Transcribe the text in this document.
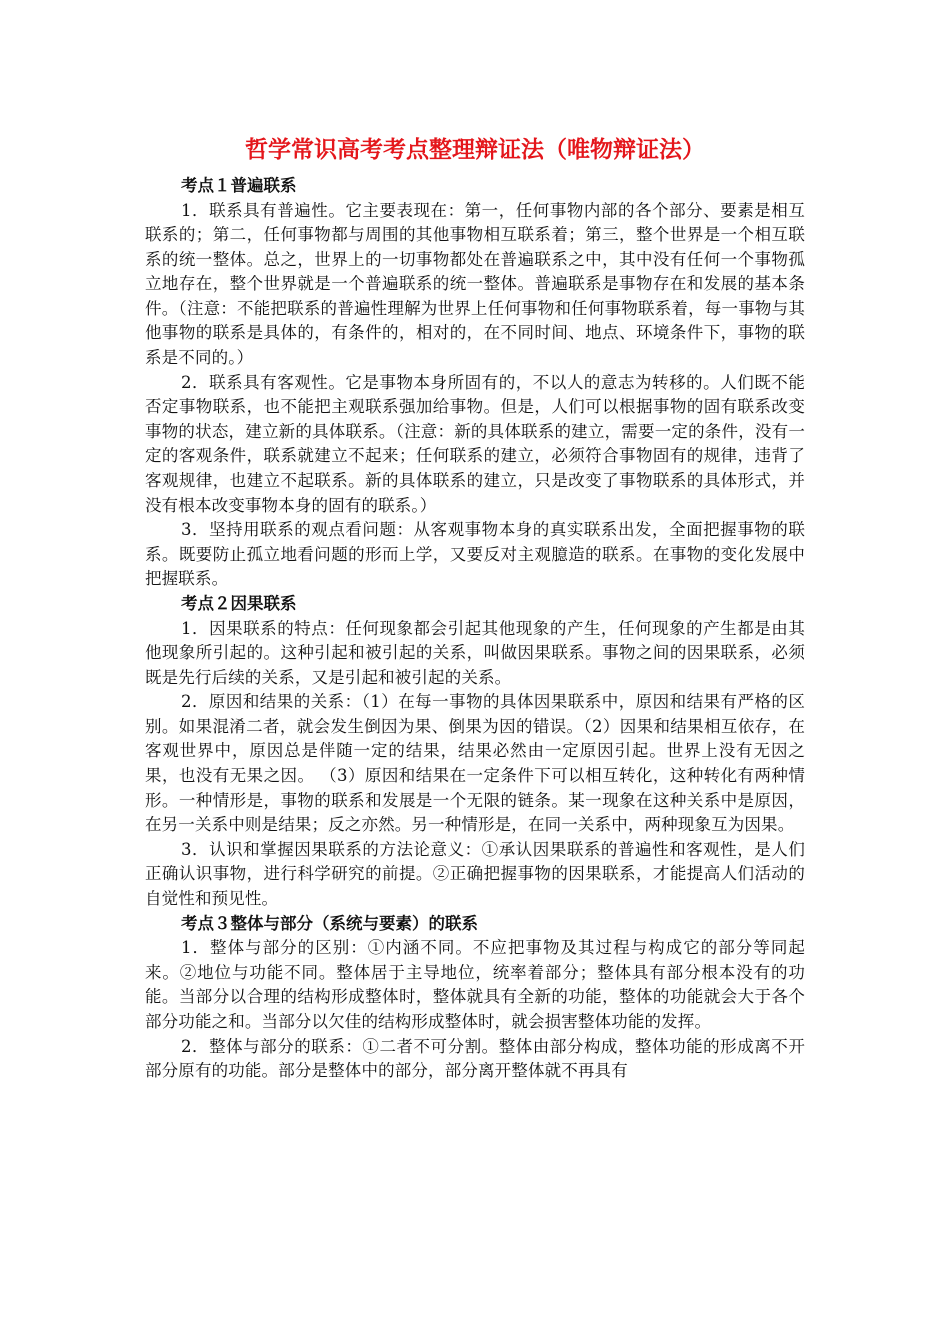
哲学常识高考考点整理辩证法（唯物辩证法）
考点１普遍联系

1．联系具有普遍性。它主要表现在：第一，任何事物内部的各个部分、要素是相互联系的；第二，任何事物都与周围的其他事物相互联系着；第三，整个世界是一个相互联系的统一整体。总之，世界上的一切事物都处在普遍联系之中，其中没有任何一个事物孤立地存在，整个世界就是一个普遍联系的统一整体。普遍联系是事物存在和发展的基本条件。（注意：不能把联系的普遍性理解为世界上任何事物和任何事物联系着，每一事物与其他事物的联系是具体的，有条件的，相对的，在不同时间、地点、环境条件下，事物的联系是不同的。）

2．联系具有客观性。它是事物本身所固有的，不以人的意志为转移的。人们既不能否定事物联系，也不能把主观联系强加给事物。但是，人们可以根据事物的固有联系改变事物的状态，建立新的具体联系。（注意：新的具体联系的建立，需要一定的条件，没有一定的客观条件，联系就建立不起来；任何联系的建立，必须符合事物固有的规律，违背了客观规律，也建立不起联系。新的具体联系的建立，只是改变了事物联系的具体形式，并没有根本改变事物本身的固有的联系。）

3．坚持用联系的观点看问题：从客观事物本身的真实联系出发，全面把握事物的联系。既要防止孤立地看问题的形而上学，又要反对主观臆造的联系。在事物的变化发展中把握联系。

考点２因果联系

1．因果联系的特点：任何现象都会引起其他现象的产生，任何现象的产生都是由其他现象所引起的。这种引起和被引起的关系，叫做因果联系。事物之间的因果联系，必须既是先行后续的关系，又是引起和被引起的关系。

2．原因和结果的关系：（1）在每一事物的具体因果联系中，原因和结果有严格的区别。如果混淆二者，就会发生倒因为果、倒果为因的错误。（2）因果和结果相互依存，在客观世界中，原因总是伴随一定的结果，结果必然由一定原因引起。世界上没有无因之果，也没有无果之因。 （3）原因和结果在一定条件下可以相互转化，这种转化有两种情形。一种情形是，事物的联系和发展是一个无限的链条。某一现象在这种关系中是原因，在另一关系中则是结果；反之亦然。另一种情形是，在同一关系中，两种现象互为因果。

3．认识和掌握因果联系的方法论意义：①承认因果联系的普遍性和客观性，是人们正确认识事物，进行科学研究的前提。②正确把握事物的因果联系，才能提高人们活动的自觉性和预见性。

考点３整体与部分（系统与要素）的联系

1．整体与部分的区别：①内涵不同。不应把事物及其过程与构成它的部分等同起来。②地位与功能不同。整体居于主导地位，统率着部分；整体具有部分根本没有的功能。当部分以合理的结构形成整体时，整体就具有全新的功能，整体的功能就会大于各个部分功能之和。当部分以欠佳的结构形成整体时，就会损害整体功能的发挥。

2．整体与部分的联系：①二者不可分割。整体由部分构成，整体功能的形成离不开部分原有的功能。部分是整体中的部分，部分离开整体就不再具有
